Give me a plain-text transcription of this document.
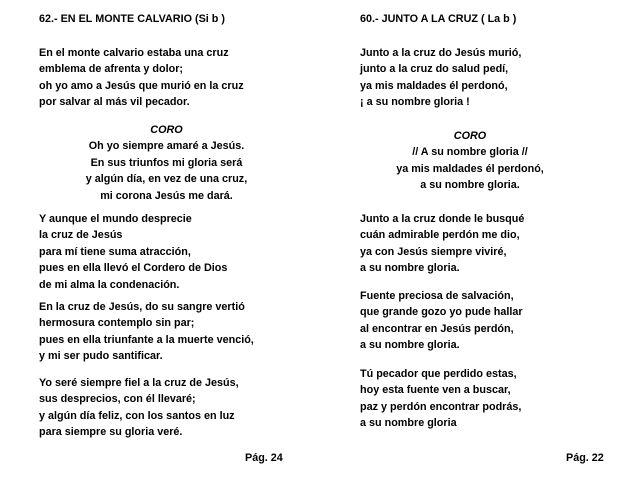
62.- EN EL MONTE CALVARIO (Si b )
En el monte calvario estaba una cruz
emblema de afrenta y dolor;
oh yo amo a Jesús que murió en la cruz
por salvar al más vil pecador.
CORO
Oh yo siempre amaré a Jesús.
En sus triunfos mi gloria será
y algún día, en vez de una cruz,
mi corona Jesús me dará.
Y aunque el mundo desprecie
la cruz de Jesús
para mí tiene suma atracción,
pues en ella llevó el Cordero de Dios
de mi alma la condenación.
En la cruz de Jesús, do su sangre vertió
hermosura contemplo sin par;
pues en ella triunfante a la muerte venció,
y mi ser pudo santificar.
Yo seré siempre fiel a la cruz de Jesús,
sus desprecios, con él llevaré;
y algún día feliz, con los santos en luz
para siempre su gloria veré.
Pág. 24
60.- JUNTO A LA CRUZ ( La b )
Junto a la cruz do Jesús murió,
junto a la cruz do salud pedí,
ya mis maldades él perdonó,
¡ a su nombre gloria !
CORO
// A su nombre gloria //
ya mis maldades él perdonó,
a su nombre gloria.
Junto a la cruz donde le busqué
cuán admirable perdón me dio,
ya con Jesús siempre viviré,
a su nombre gloria.
Fuente preciosa de salvación,
que grande gozo yo pude hallar
al encontrar en Jesús perdón,
a su nombre gloria.
Tú pecador que perdido estas,
hoy esta fuente ven a buscar,
paz y perdón encontrar podrás,
a su nombre gloria
Pág. 22
